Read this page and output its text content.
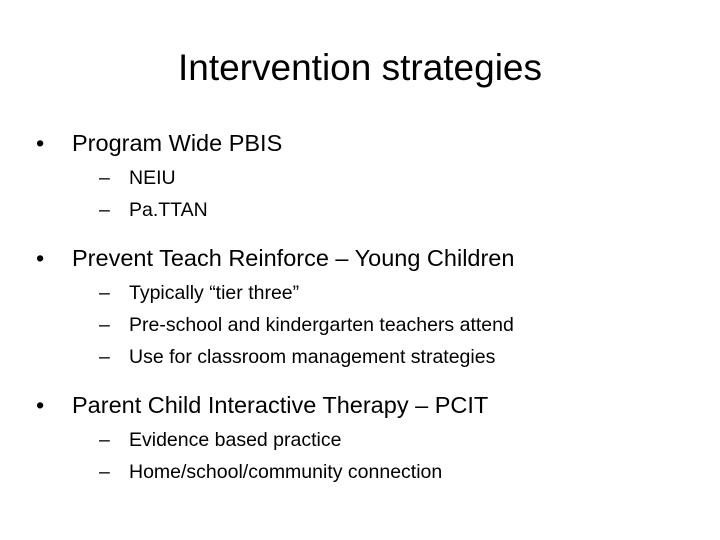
Intervention strategies
•	Program Wide PBIS
– NEIU
– Pa.TTAN
•	Prevent Teach Reinforce – Young Children
– Typically “tier three”
– Pre-school and kindergarten teachers attend
– Use for classroom management strategies
•	Parent Child Interactive Therapy – PCIT
– Evidence based practice
– Home/school/community connection
